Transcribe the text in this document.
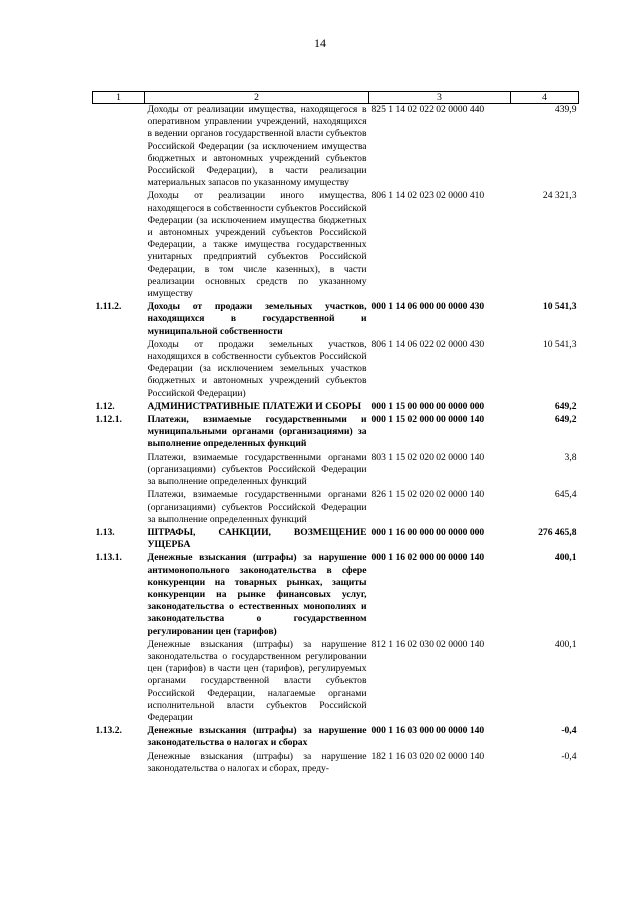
14
1	2	3	4
	Доходы от реализации имущества, находящегося в оперативном управлении учреждений, находящихся в ведении органов государственной власти субъектов Российской Федерации (за исключением имущества бюджетных и автономных учреждений субъектов Российской Федерации), в части реализации материальных запасов по указанному имуществу	825 1 14 02 022 02 0000 440	439,9
	Доходы от реализации иного имущества, находящегося в собственности субъектов Российской Федерации (за исключением имущества бюджетных и автономных учреждений субъектов Российской Федерации, а также имущества государственных унитарных предприятий субъектов Российской Федерации, в том числе казенных), в части реализации основных средств по указанному имуществу	806 1 14 02 023 02 0000 410	24 321,3
1.11.2.	Доходы от продажи земельных участков, находящихся в государственной и муниципальной собственности	000 1 14 06 000 00 0000 430	10 541,3
	Доходы от продажи земельных участков, находящихся в собственности субъектов Российской Федерации (за исключением земельных участков бюджетных и автономных учреждений субъектов Российской Федерации)	806 1 14 06 022 02 0000 430	10 541,3
1.12.	АДМИНИСТРАТИВНЫЕ ПЛАТЕЖИ И СБОРЫ	000 1 15 00 000 00 0000 000	649,2
1.12.1.	Платежи, взимаемые государственными и муниципальными органами (организациями) за выполнение определенных функций	000 1 15 02 000 00 0000 140	649,2
	Платежи, взимаемые государственными органами (организациями) субъектов Российской Федерации за выполнение определенных функций	803 1 15 02 020 02 0000 140	3,8
	Платежи, взимаемые государственными органами (организациями) субъектов Российской Федерации за выполнение определенных функций	826 1 15 02 020 02 0000 140	645,4
1.13.	ШТРАФЫ, САНКЦИИ, ВОЗМЕЩЕНИЕ УЩЕРБА	000 1 16 00 000 00 0000 000	276 465,8
1.13.1.	Денежные взыскания (штрафы) за нарушение антимонопольного законодательства в сфере конкуренции на товарных рынках, защиты конкуренции на рынке финансовых услуг, законодательства о естественных монополиях и законодательства о государственном регулировании цен (тарифов)	000 1 16 02 000 00 0000 140	400,1
	Денежные взыскания (штрафы) за нарушение законодательства о государственном регулировании цен (тарифов) в части цен (тарифов), регулируемых органами государственной власти субъектов Российской Федерации, налагаемые органами исполнительной власти субъектов Российской Федерации	812 1 16 02 030 02 0000 140	400,1
1.13.2.	Денежные взыскания (штрафы) за нарушение законодательства о налогах и сборах	000 1 16 03 000 00 0000 140	-0,4
	Денежные взыскания (штрафы) за нарушение законодательства о налогах и сборах, преду-	182 1 16 03 020 02 0000 140	-0,4
